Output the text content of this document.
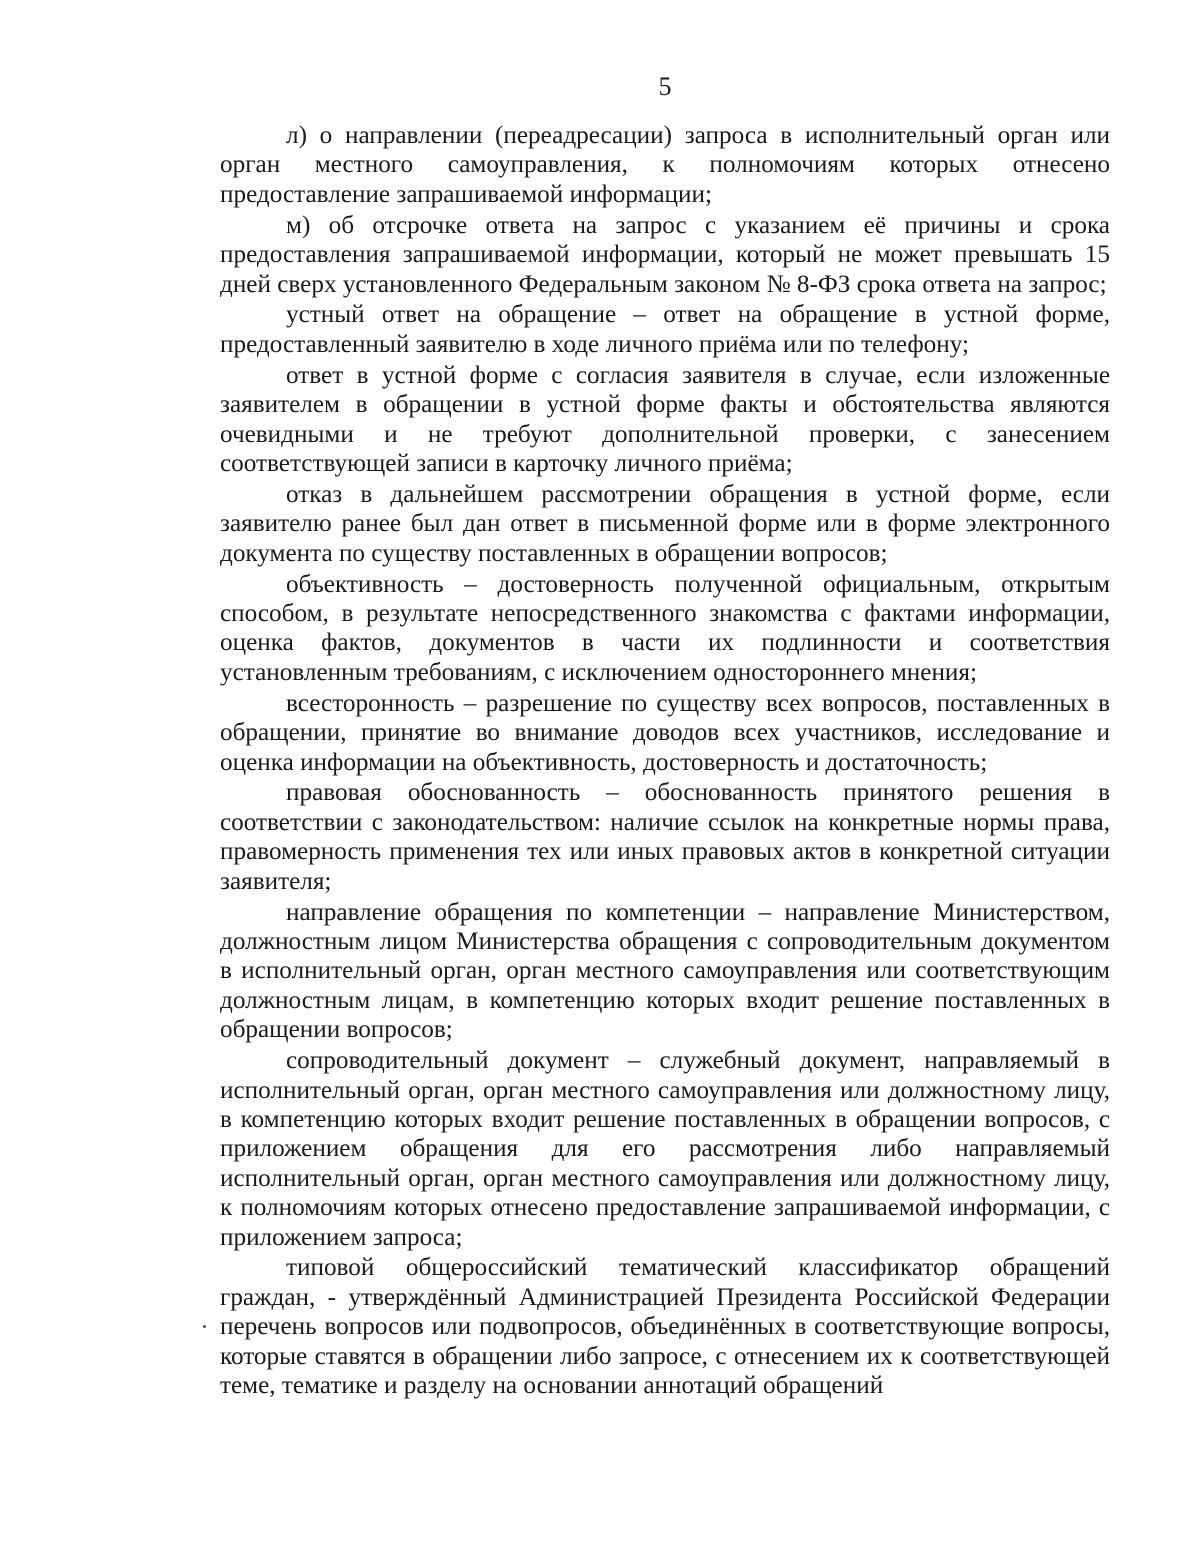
5

л) о направлении (переадресации) запроса в исполнительный орган или орган местного самоуправления, к полномочиям которых отнесено предоставление запрашиваемой информации;

м) об отсрочке ответа на запрос с указанием её причины и срока предоставления запрашиваемой информации, который не может превышать 15 дней сверх установленного Федеральным законом № 8-ФЗ срока ответа на запрос;

устный ответ на обращение – ответ на обращение в устной форме, предоставленный заявителю в ходе личного приёма или по телефону;

ответ в устной форме с согласия заявителя в случае, если изложенные заявителем в обращении в устной форме факты и обстоятельства являются очевидными и не требуют дополнительной проверки, с занесением соответствующей записи в карточку личного приёма;

отказ в дальнейшем рассмотрении обращения в устной форме, если заявителю ранее был дан ответ в письменной форме или в форме электронного документа по существу поставленных в обращении вопросов;

объективность – достоверность полученной официальным, открытым способом, в результате непосредственного знакомства с фактами информации, оценка фактов, документов в части их подлинности и соответствия установленным требованиям, с исключением одностороннего мнения;

всесторонность – разрешение по существу всех вопросов, поставленных в обращении, принятие во внимание доводов всех участников, исследование и оценка информации на объективность, достоверность и достаточность;

правовая обоснованность – обоснованность принятого решения в соответствии с законодательством: наличие ссылок на конкретные нормы права, правомерность применения тех или иных правовых актов в конкретной ситуации заявителя;

направление обращения по компетенции – направление Министерством, должностным лицом Министерства обращения с сопроводительным документом в исполнительный орган, орган местного самоуправления или соответствующим должностным лицам, в компетенцию которых входит решение поставленных в обращении вопросов;

сопроводительный документ – служебный документ, направляемый в исполнительный орган, орган местного самоуправления или должностному лицу, в компетенцию которых входит решение поставленных в обращении вопросов, с приложением обращения для его рассмотрения либо направляемый исполнительный орган, орган местного самоуправления или должностному лицу, к полномочиям которых отнесено предоставление запрашиваемой информации, с приложением запроса;

типовой общероссийский тематический классификатор обращений граждан, - утверждённый Администрацией Президента Российской Федерации перечень вопросов или подвопросов, объединённых в соответствующие вопросы, которые ставятся в обращении либо запросе, с отнесением их к соответствующей теме, тематике и разделу на основании аннотаций обращений
